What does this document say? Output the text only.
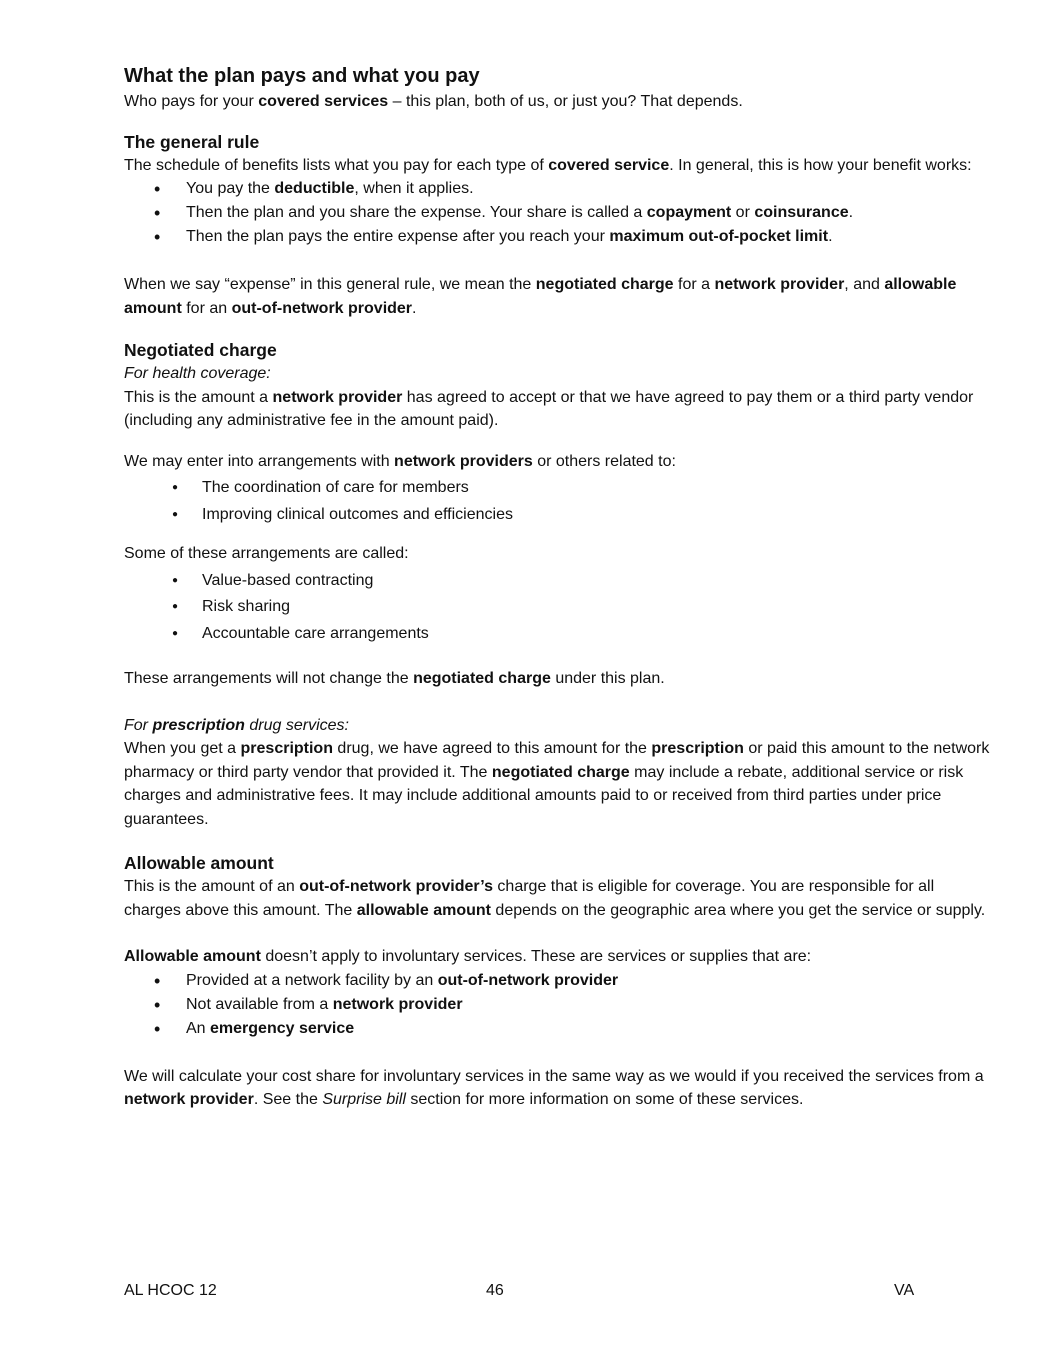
What the plan pays and what you pay

Who pays for your covered services – this plan, both of us, or just you? That depends.

The general rule

The schedule of benefits lists what you pay for each type of covered service. In general, this is how your benefit works:

• You pay the deductible, when it applies.
• Then the plan and you share the expense. Your share is called a copayment or coinsurance.
• Then the plan pays the entire expense after you reach your maximum out-of-pocket limit.

When we say “expense” in this general rule, we mean the negotiated charge for a network provider, and allowable amount for an out-of-network provider.

Negotiated charge

For health coverage:

This is the amount a network provider has agreed to accept or that we have agreed to pay them or a third party vendor (including any administrative fee in the amount paid).

We may enter into arrangements with network providers or others related to:

● The coordination of care for members
● Improving clinical outcomes and efficiencies

Some of these arrangements are called:

● Value-based contracting
● Risk sharing
● Accountable care arrangements

These arrangements will not change the negotiated charge under this plan.

For prescription drug services:

When you get a prescription drug, we have agreed to this amount for the prescription or paid this amount to the network pharmacy or third party vendor that provided it. The negotiated charge may include a rebate, additional service or risk charges and administrative fees. It may include additional amounts paid to or received from third parties under price guarantees.

Allowable amount

This is the amount of an out-of-network provider’s charge that is eligible for coverage. You are responsible for all charges above this amount. The allowable amount depends on the geographic area where you get the service or supply.

Allowable amount doesn’t apply to involuntary services. These are services or supplies that are:

• Provided at a network facility by an out-of-network provider
• Not available from a network provider
• An emergency service

We will calculate your cost share for involuntary services in the same way as we would if you received the services from a network provider. See the Surprise bill section for more information on some of these services.

AL HCOC 12	46	VA
